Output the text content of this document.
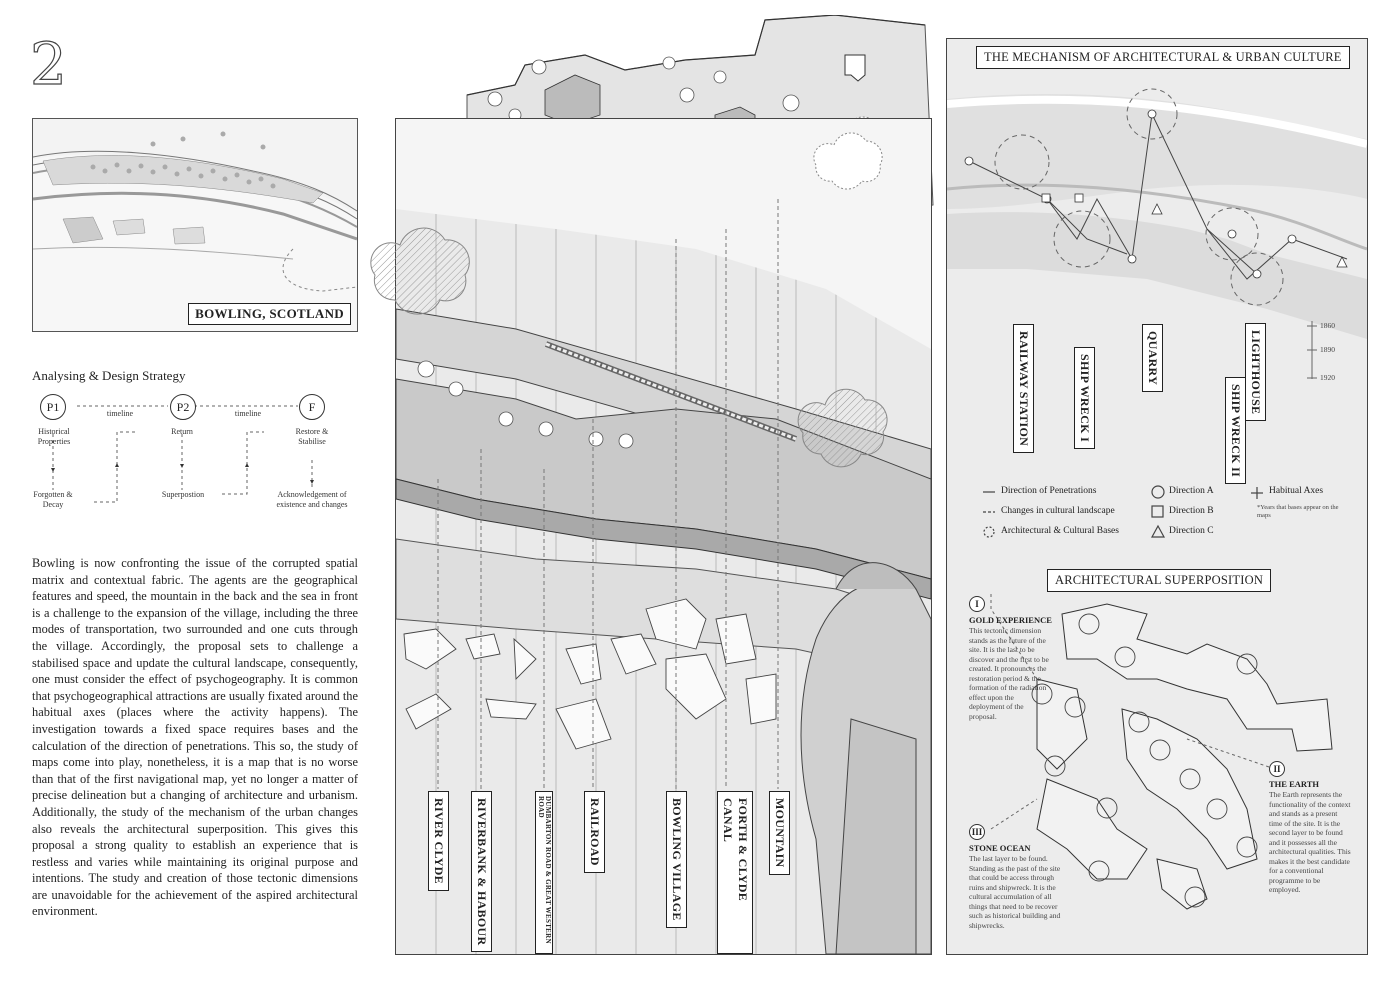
2
BOWLING, SCOTLAND
Analysing & Design Strategy
P1	P2	F
timeline	timeline
Historical Properties
Return	Restore & Stabilise
Forgotten & Decay
Superpostion	Acknowledgement of existence and changes
Bowling is now confronting the issue of the corrupted spatial matrix and contextual fabric. The agents are the geographical features and speed, the mountain in the back and the sea in front is a challenge to the expansion of the village, including the three modes of transportation, two surrounded and one cuts through the village. Accordingly, the proposal sets to challenge a stabilised space and update the cultural landscape, consequently, one must consider the effect of psychogeography. It is common that psychogeographical attractions are usually fixated around the habitual axes (places where the activity happens). The investigation towards a fixed space requires bases and the calculation of the direction of penetrations. This so, the study of maps come into play, nonetheless, it is a map that is no worse than that of the first navigational map, yet no longer a matter of precise delineation but a changing of architecture and urbanism. Additionally, the study of the mechanism of the urban changes also reveals the architectural superposition. This gives this proposal a strong quality to establish an experience that is restless and varies while maintaining its original purpose and intentions. The study and creation of those tectonic dimensions are unavoidable for the achievement of the aspired architectural environment.
RIVER CLYDE	RIVERBANK & HABOUR	DUMBARTON ROAD & GREAT WESTERN ROAD	RAILROAD	BOWLING VILLAGE	FORTH & CLYDE CANAL	MOUNTAIN
THE MECHANISM OF ARCHITECTURAL & URBAN CULTURE
RAILWAY STATION	SHIP WRECK I	QUARRY	LIGHTHOUSE
SHIP WRECK II
1860
1890
1920
Direction of Penetrations
Changes in cultural landscape
Architectural & Cultural Bases
Direction A
Direction B
Direction C
Habitual Axes
*Years that bases appear on the maps
ARCHITECTURAL SUPERPOSITION
I
GOLD EXPERIENCE
This tectonic dimension stands as the future of the site. It is the last to be discover and the first to be created. It pronounces the restoration period & the formation of the radiation effect upon the deployment of the proposal.
II
THE EARTH
The Earth represents the functionality of the context and stands as a present time of the site. It is the second layer to be found and it possesses all the architectural qualities. This makes it the best candidate for a conventional programme to be employed.
III
STONE OCEAN
The last layer to be found. Standing as the past of the site that could be access through ruins and shipwreck. It is the cultural accumulation of all things that need to be recover such as historical building and shipwrecks.
